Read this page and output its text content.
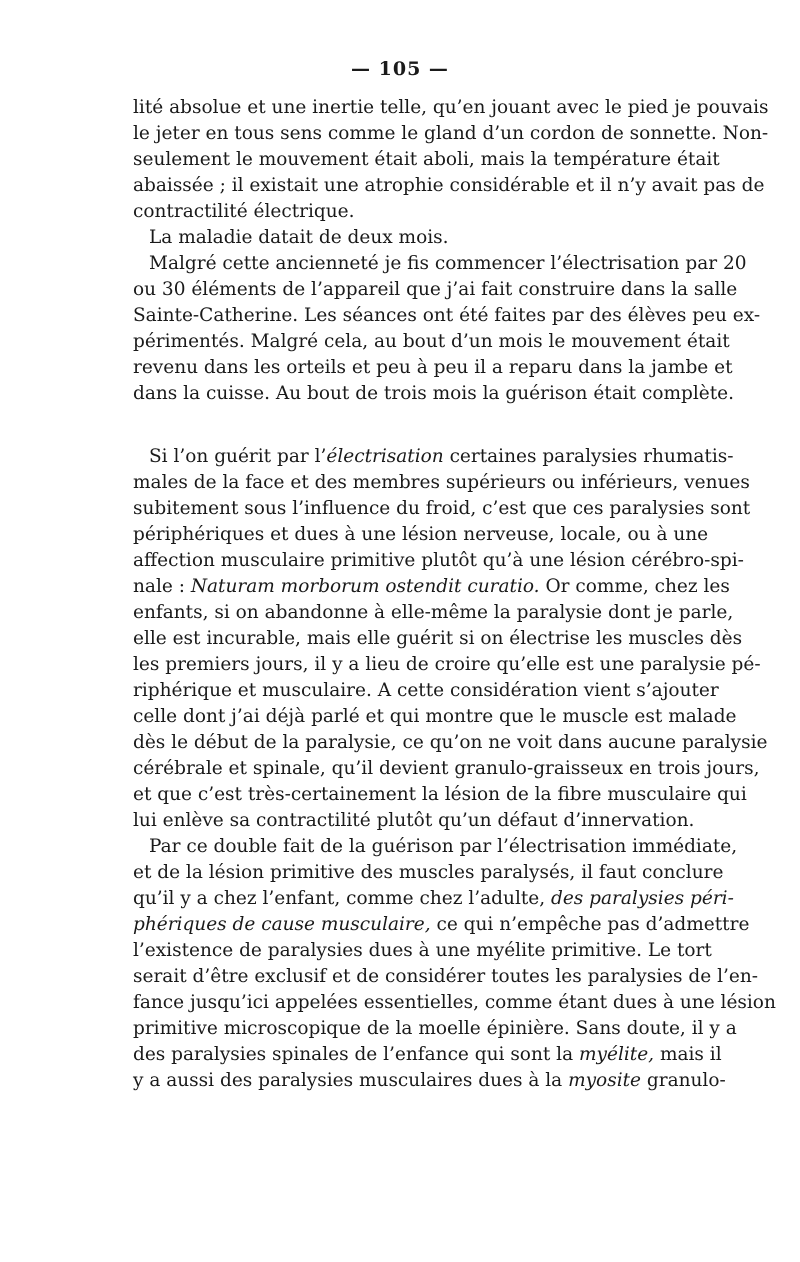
— 105 —
lité absolue et une inertie telle, qu’en jouant avec le pied je pouvais
le jeter en tous sens comme le gland d’un cordon de sonnette. Non-
seulement le mouvement était aboli, mais la température était
abaissée ; il existait une atrophie considérable et il n’y avait pas de
contractilité électrique.
La maladie datait de deux mois.
Malgré cette ancienneté je fis commencer l’électrisation par 20
ou 30 éléments de l’appareil que j’ai fait construire dans la salle
Sainte-Catherine. Les séances ont été faites par des élèves peu ex-
périmentés. Malgré cela, au bout d’un mois le mouvement était
revenu dans les orteils et peu à peu il a reparu dans la jambe et
dans la cuisse. Au bout de trois mois la guérison était complète.
Si l’on guérit par l’électrisation certaines paralysies rhumatis-
males de la face et des membres supérieurs ou inférieurs, venues
subitement sous l’influence du froid, c’est que ces paralysies sont
périphériques et dues à une lésion nerveuse, locale, ou à une
affection musculaire primitive plutôt qu’à une lésion cérébro-spi-
nale : Naturam morborum ostendit curatio. Or comme, chez les
enfants, si on abandonne à elle-même la paralysie dont je parle,
elle est incurable, mais elle guérit si on électrise les muscles dès
les premiers jours, il y a lieu de croire qu’elle est une paralysie pé-
riphérique et musculaire. A cette considération vient s’ajouter
celle dont j’ai déjà parlé et qui montre que le muscle est malade
dès le début de la paralysie, ce qu’on ne voit dans aucune paralysie
cérébrale et spinale, qu’il devient granulo-graisseux en trois jours,
et que c’est très-certainement la lésion de la fibre musculaire qui
lui enlève sa contractilité plutôt qu’un défaut d’innervation.
Par ce double fait de la guérison par l’électrisation immédiate,
et de la lésion primitive des muscles paralysés, il faut conclure
qu’il y a chez l’enfant, comme chez l’adulte, des paralysies péri-
phériques de cause musculaire, ce qui n’empêche pas d’admettre
l’existence de paralysies dues à une myélite primitive. Le tort
serait d’être exclusif et de considérer toutes les paralysies de l’en-
fance jusqu’ici appelées essentielles, comme étant dues à une lésion
primitive microscopique de la moelle épinière. Sans doute, il y a
des paralysies spinales de l’enfance qui sont la myélite, mais il
y a aussi des paralysies musculaires dues à la myosite granulo-
